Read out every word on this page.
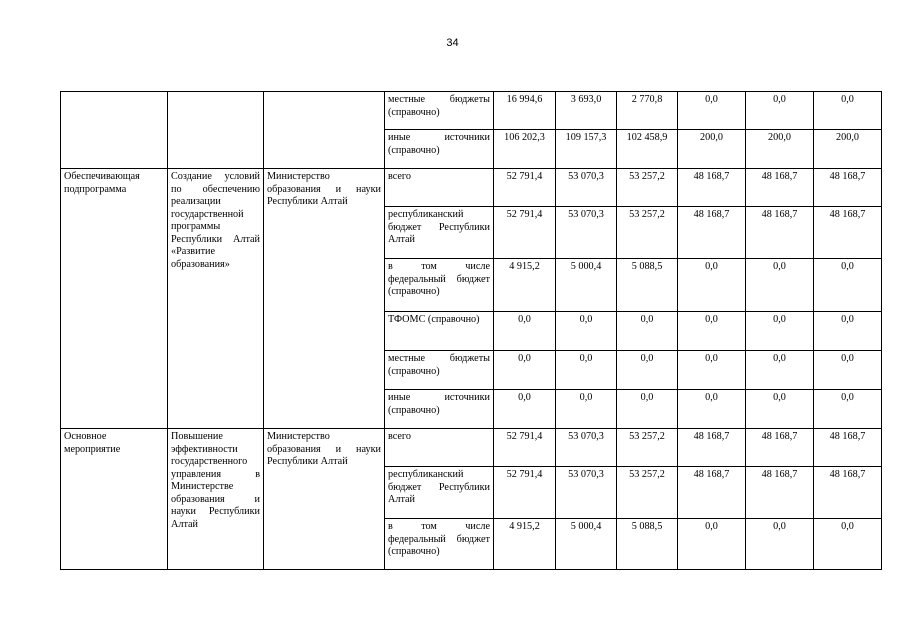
34
			местные бюджеты (справочно)	16 994,6	3 693,0	2 770,8	0,0	0,0	0,0
			иные источники (справочно)	106 202,3	109 157,3	102 458,9	200,0	200,0	200,0
Обеспечивающая подпрограмма	Создание условий по обеспечению реализации государственной программы Республики Алтай «Развитие образования»	Министерство образования и науки Республики Алтай	всего	52 791,4	53 070,3	53 257,2	48 168,7	48 168,7	48 168,7
			республиканский бюджет Республики Алтай	52 791,4	53 070,3	53 257,2	48 168,7	48 168,7	48 168,7
			в том числе федеральный бюджет (справочно)	4 915,2	5 000,4	5 088,5	0,0	0,0	0,0
			ТФОМС (справочно)	0,0	0,0	0,0	0,0	0,0	0,0
			местные бюджеты (справочно)	0,0	0,0	0,0	0,0	0,0	0,0
			иные источники (справочно)	0,0	0,0	0,0	0,0	0,0	0,0
Основное мероприятие	Повышение эффективности государственного управления в Министерстве образования и науки Республики Алтай	Министерство образования и науки Республики Алтай	всего	52 791,4	53 070,3	53 257,2	48 168,7	48 168,7	48 168,7
			республиканский бюджет Республики Алтай	52 791,4	53 070,3	53 257,2	48 168,7	48 168,7	48 168,7
			в том числе федеральный бюджет (справочно)	4 915,2	5 000,4	5 088,5	0,0	0,0	0,0
